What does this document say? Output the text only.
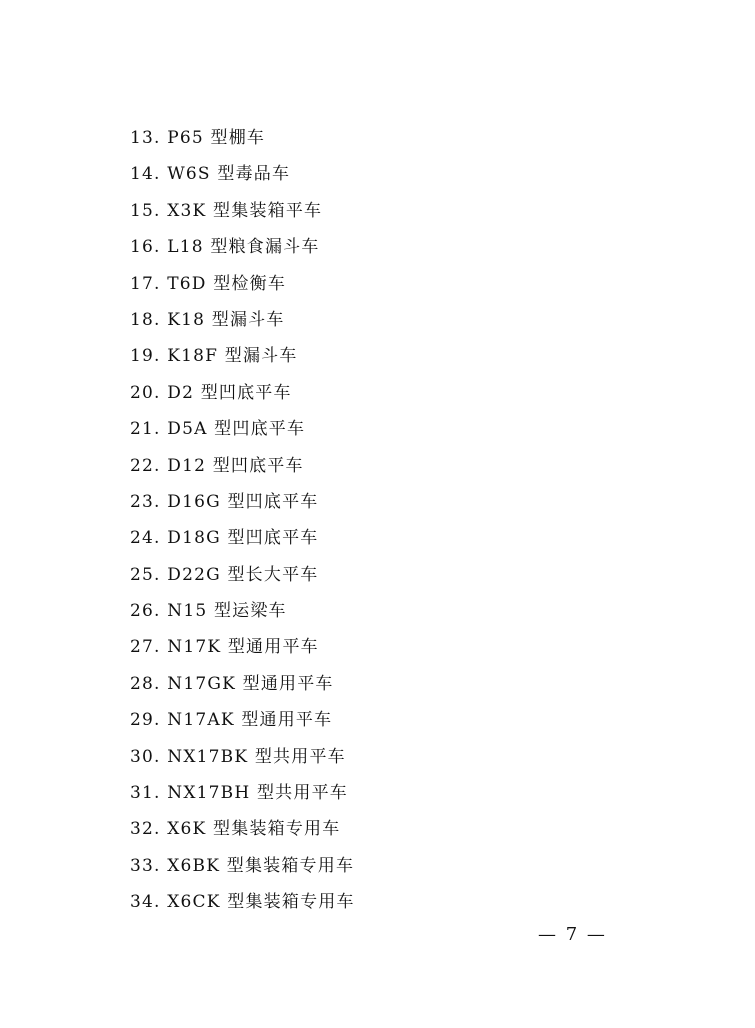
13. P65 型棚车
14. W6S 型毒品车
15. X3K 型集装箱平车
16. L18 型粮食漏斗车
17. T6D 型检衡车
18. K18 型漏斗车
19. K18F 型漏斗车
20. D2 型凹底平车
21. D5A 型凹底平车
22. D12 型凹底平车
23. D16G 型凹底平车
24. D18G 型凹底平车
25. D22G 型长大平车
26. N15 型运梁车
27. N17K 型通用平车
28. N17GK 型通用平车
29. N17AK 型通用平车
30. NX17BK 型共用平车
31. NX17BH 型共用平车
32. X6K 型集装箱专用车
33. X6BK 型集装箱专用车
34. X6CK 型集装箱专用车
— 7 —
